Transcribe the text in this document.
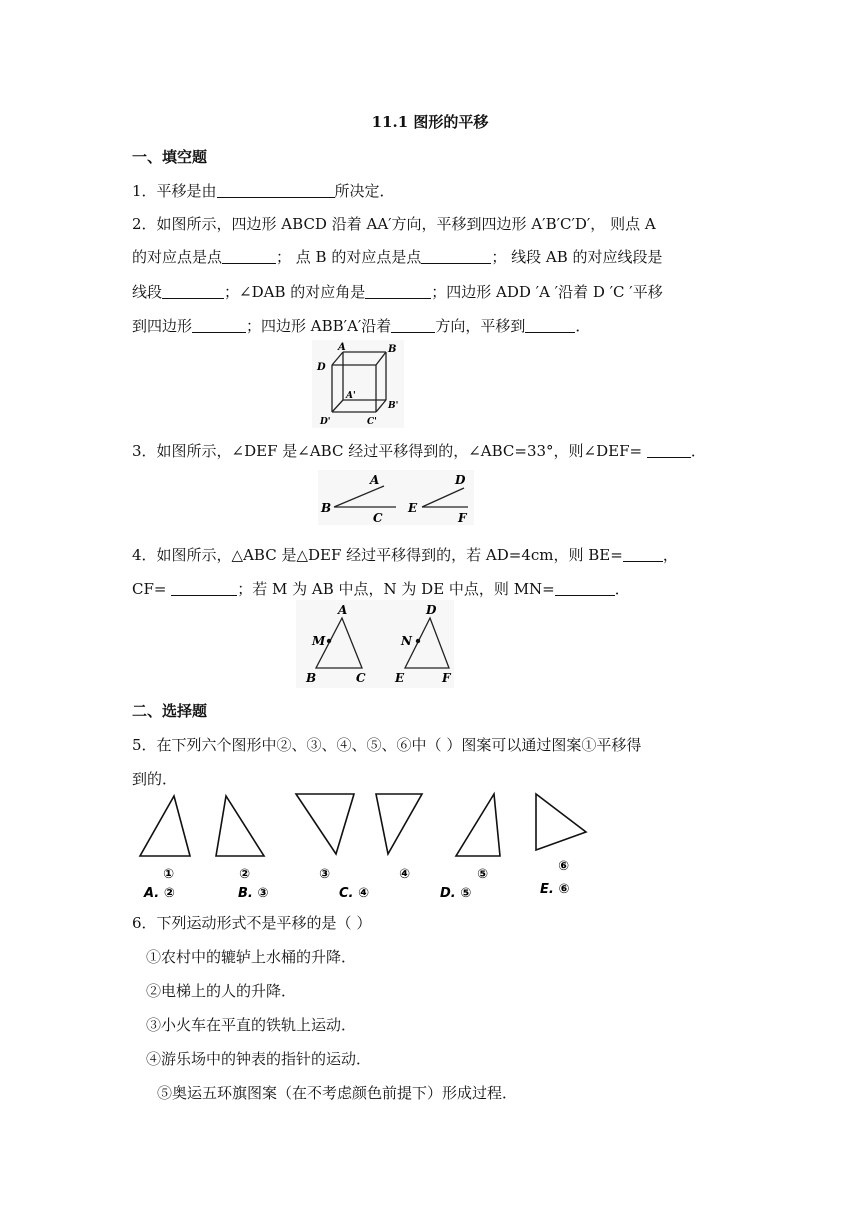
11.1 图形的平移
一、填空题
1．平移是由	所决定．
2．如图所示，四边形 ABCD 沿着 AA′方向，平移到四边形 A′B′C′D′， 则点 A
的对应点是点	； 点 B 的对应点是点	； 线段 AB 的对应线段是
线段	；∠DAB 的对应角是	；四边形 ADD ′A ′沿着 D ′C ′平移
到四边形	；四边形 ABB′A′沿着	方向，平移到	．
A	B
D
A'
B'
D'	C'
3．如图所示，∠DEF 是∠ABC 经过平移得到的，∠ABC=33°，则∠DEF=	．
A
B
C
D
E
F
4．如图所示，△ABC 是△DEF 经过平移得到的，若 AD=4cm，则 BE=	，
CF=	；若 M 为 AB 中点，N 为 DE 中点，则 MN=	．
A
M
B	C
D
N
E	F
二、选择题
5．在下列六个图形中②、③、④、⑤、⑥中（ ）图案可以通过图案①平移得
到的．
①	②	③	④	⑤
⑥
A. ②	B. ③	C. ④	D. ⑤	E. ⑥
6．下列运动形式不是平移的是（ ）
①农村中的辘轳上水桶的升降．
②电梯上的人的升降．
③小火车在平直的铁轨上运动．
④游乐场中的钟表的指针的运动．
⑤奥运五环旗图案（在不考虑颜色前提下）形成过程．
